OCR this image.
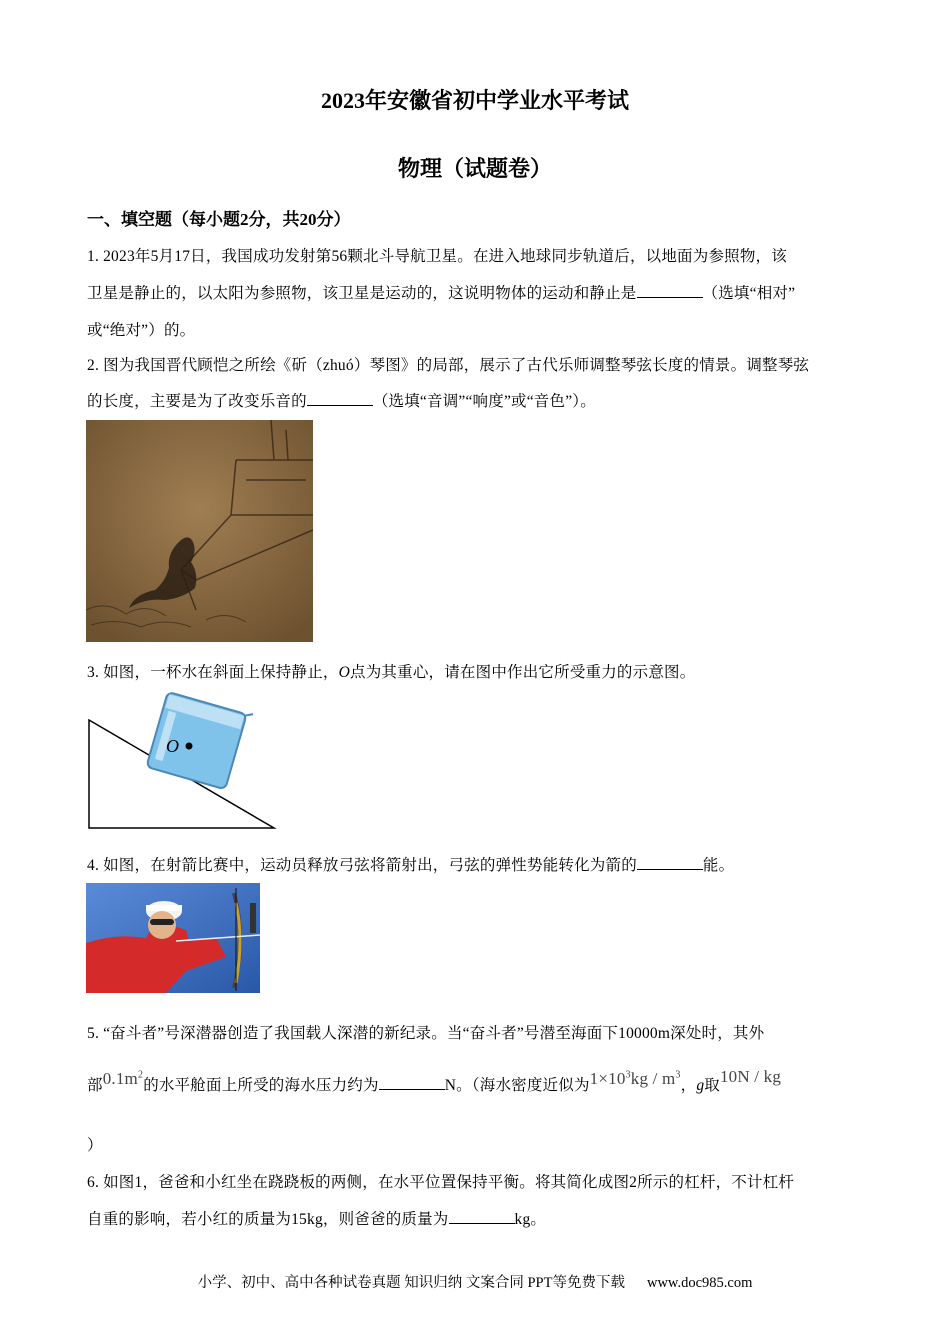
2023年安徽省初中学业水平考试
物理（试题卷）
一、填空题（每小题2分，共20分）
1. 2023年5月17日，我国成功发射第56颗北斗导航卫星。在进入地球同步轨道后，以地面为参照物，该
卫星是静止的，以太阳为参照物，该卫星是运动的，这说明物体的运动和静止是	（选填“相对”
或“绝对”）的。
2. 图为我国晋代顾恺之所绘《斫（zhuó）琴图》的局部，展示了古代乐师调整琴弦长度的情景。调整琴弦
的长度，主要是为了改变乐音的	（选填“音调”“响度”或“音色”）。
3. 如图，一杯水在斜面上保持静止，O点为其重心，请在图中作出它所受重力的示意图。
O
4. 如图，在射箭比赛中，运动员释放弓弦将箭射出，弓弦的弹性势能转化为箭的	能。
5. “奋斗者”号深潜器创造了我国载人深潜的新纪录。当“奋斗者”号潜至海面下10000m深处时，其外
部$0.1m^2$的水平舱面上所受的海水压力约为	N。（海水密度近似为$1\times 10^3kg / m^3$，g取10N / kg
）
6. 如图1，爸爸和小红坐在跷跷板的两侧，在水平位置保持平衡。将其简化成图2所示的杠杆，不计杠杆
自重的影响，若小红的质量为15kg，则爸爸的质量为	kg。
小学、初中、高中各种试卷真题 知识归纳 文案合同 PPT等免费下载 www.doc985.com
